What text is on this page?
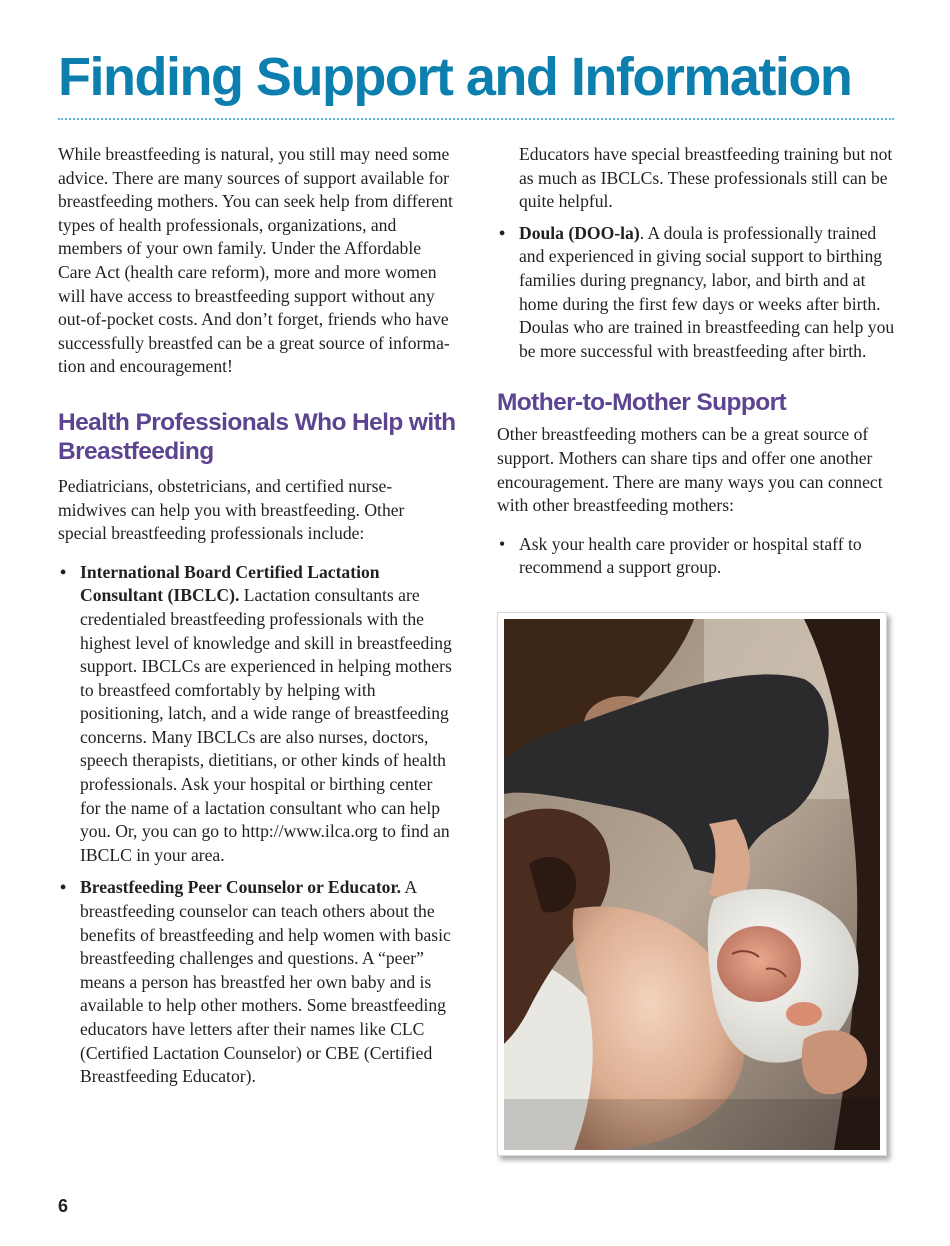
Finding Support and Information

While breastfeeding is natural, you still may need some advice. There are many sources of support available for breastfeeding mothers. You can seek help from different types of health professionals, organizations, and members of your own family. Under the Affordable Care Act (health care reform), more and more women will have access to breastfeeding support without any out-of-pocket costs. And don’t forget, friends who have successfully breastfed can be a great source of information and encouragement!

Health Professionals Who Help with Breastfeeding

Pediatricians, obstetricians, and certified nurse-midwives can help you with breastfeeding. Other special breastfeeding professionals include:

• International Board Certified Lactation Consultant (IBCLC). Lactation consultants are credentialed breastfeeding professionals with the highest level of knowledge and skill in breastfeeding support. IBCLCs are experienced in helping mothers to breastfeed comfortably by helping with positioning, latch, and a wide range of breastfeeding concerns. Many IBCLCs are also nurses, doctors, speech therapists, dietitians, or other kinds of health professionals. Ask your hospital or birthing center for the name of a lactation consultant who can help you. Or, you can go to http://www.ilca.org to find an IBCLC in your area.
• Breastfeeding Peer Counselor or Educator. A breastfeeding counselor can teach others about the benefits of breastfeeding and help women with basic breastfeeding challenges and questions. A “peer” means a person has breastfed her own baby and is available to help other mothers. Some breastfeeding educators have letters after their names like CLC (Certified Lactation Counselor) or CBE (Certified Breastfeeding Educator).

Educators have special breastfeeding training but not as much as IBCLCs. These professionals still can be quite helpful.

• Doula (DOO-la). A doula is professionally trained and experienced in giving social support to birthing families during pregnancy, labor, and birth and at home during the first few days or weeks after birth. Doulas who are trained in breastfeeding can help you be more successful with breastfeeding after birth.
Mother-to-Mother Support

Other breastfeeding mothers can be a great source of support. Mothers can share tips and offer one another encouragement. There are many ways you can connect with other breastfeeding mothers:

• Ask your health care provider or hospital staff to recommend a support group.
6
